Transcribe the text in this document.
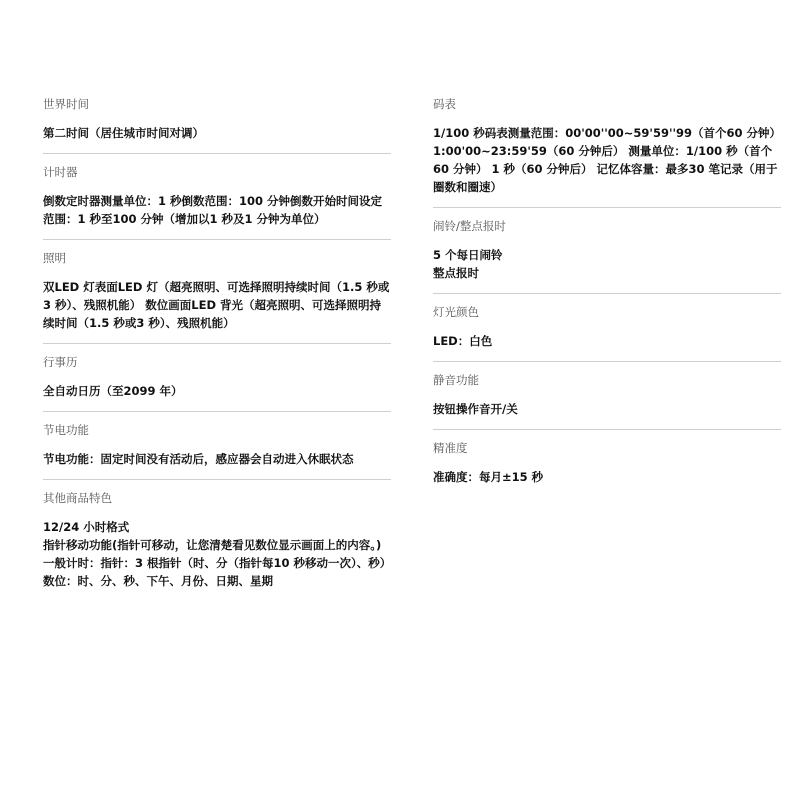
世界时间
第二时间（居住城市时间对调）
计时器
倒数定时器测量单位：1 秒倒数范围：100 分钟倒数开始时间设定范围：1 秒至100 分钟（增加以1 秒及1 分钟为单位）
照明
双LED 灯表面LED 灯（超亮照明、可选择照明持续时间（1.5 秒或3 秒）、残照机能） 数位画面LED 背光（超亮照明、可选择照明持续时间（1.5 秒或3 秒）、残照机能）
行事历
全自动日历（至2099 年）
节电功能
节电功能：固定时间没有活动后，感应器会自动进入休眠状态
其他商品特色
12/24 小时格式
指针移动功能(指针可移动，让您清楚看见数位显示画面上的内容。)
一般计时：指针：3 根指针（时、分（指针每10 秒移动一次）、秒）数位：时、分、秒、下午、月份、日期、星期
码表
1/100 秒码表测量范围：00'00''00~59'59''99（首个60 分钟）1:00'00~23:59'59（60 分钟后） 测量单位：1/100 秒（首个60 分钟） 1 秒（60 分钟后） 记忆体容量：最多30 笔记录（用于圈数和圈速）
闹铃/整点报时
5 个每日闹铃
整点报时
灯光颜色
LED：白色
静音功能
按钮操作音开/关
精准度
准确度：每月±15 秒
